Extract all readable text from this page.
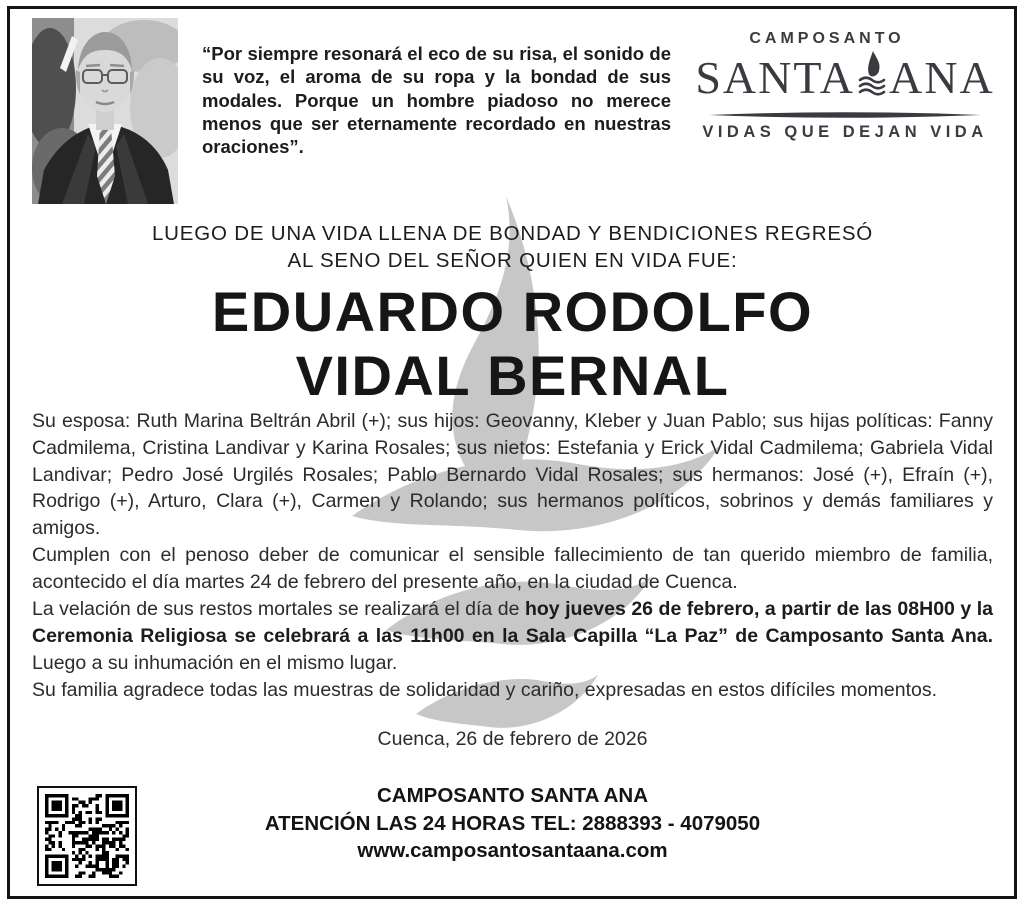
“Por siempre resonará el eco de su risa, el sonido de su voz, el aroma de su ropa y la bondad de sus modales. Porque un hombre piadoso no merece menos que ser eternamente recordado en nuestras oraciones”.
CAMPOSANTO
SANTA ANA
VIDAS QUE DEJAN VIDA
LUEGO DE UNA VIDA LLENA DE BONDAD Y BENDICIONES REGRESÓ
AL SENO DEL SEÑOR QUIEN EN VIDA FUE:
EDUARDO RODOLFO
VIDAL BERNAL

Su esposa: Ruth Marina Beltrán Abril (+); sus hijos: Geovanny, Kleber y Juan Pablo; sus hijas políticas: Fanny Cadmilema, Cristina Landivar y Karina Rosales; sus nietos: Estefania y Erick Vidal Cadmilema; Gabriela Vidal Landivar; Pedro José Urgilés Rosales; Pablo Bernardo Vidal Rosales; sus hermanos: José (+), Efraín (+), Rodrigo (+), Arturo, Clara (+), Carmen y Rolando; sus hermanos políticos, sobrinos y demás familiares y amigos.

Cumplen con el penoso deber de comunicar el sensible fallecimiento de tan querido miembro de familia, acontecido el día martes 24 de febrero del presente año, en la ciudad de Cuenca.

La velación de sus restos mortales se realizará el día de hoy jueves 26 de febrero, a partir de las 08H00 y la Ceremonia Religiosa se celebrará a las 11h00 en la Sala Capilla “La Paz” de Camposanto Santa Ana. Luego a su inhumación en el mismo lugar.

Su familia agradece todas las muestras de solidaridad y cariño, expresadas en estos difíciles momentos.

Cuenca, 26 de febrero de 2026
CAMPOSANTO SANTA ANA
ATENCIÓN LAS 24 HORAS TEL: 2888393 - 4079050
www.camposantosantaana.com
